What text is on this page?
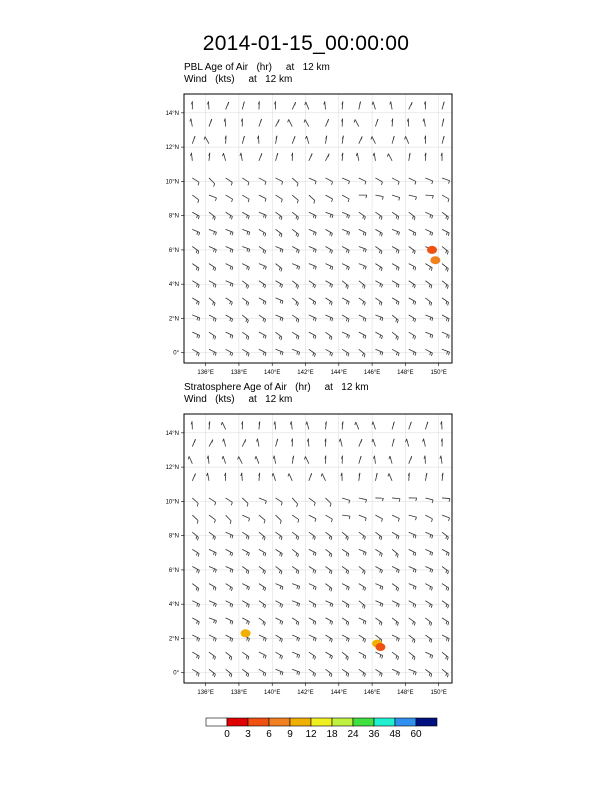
2014-01-15_00:00:00
PBL Age of Air   (hr)     at   12 km
Wind   (kts)     at   12 km
Stratosphere Age of Air   (hr)     at   12 km
Wind   (kts)     at   12 km
136°E	138°E	140°E	142°E	144°E	146°E	148°E	150°E
0°
2°N
4°N
6°N
8°N
10°N
12°N
14°N
136°E	138°E	140°E	142°E	144°E	146°E	148°E	150°E
0°
2°N
4°N
6°N
8°N
10°N
12°N
14°N
0	3	6	9	12 18 24 36 48 60
